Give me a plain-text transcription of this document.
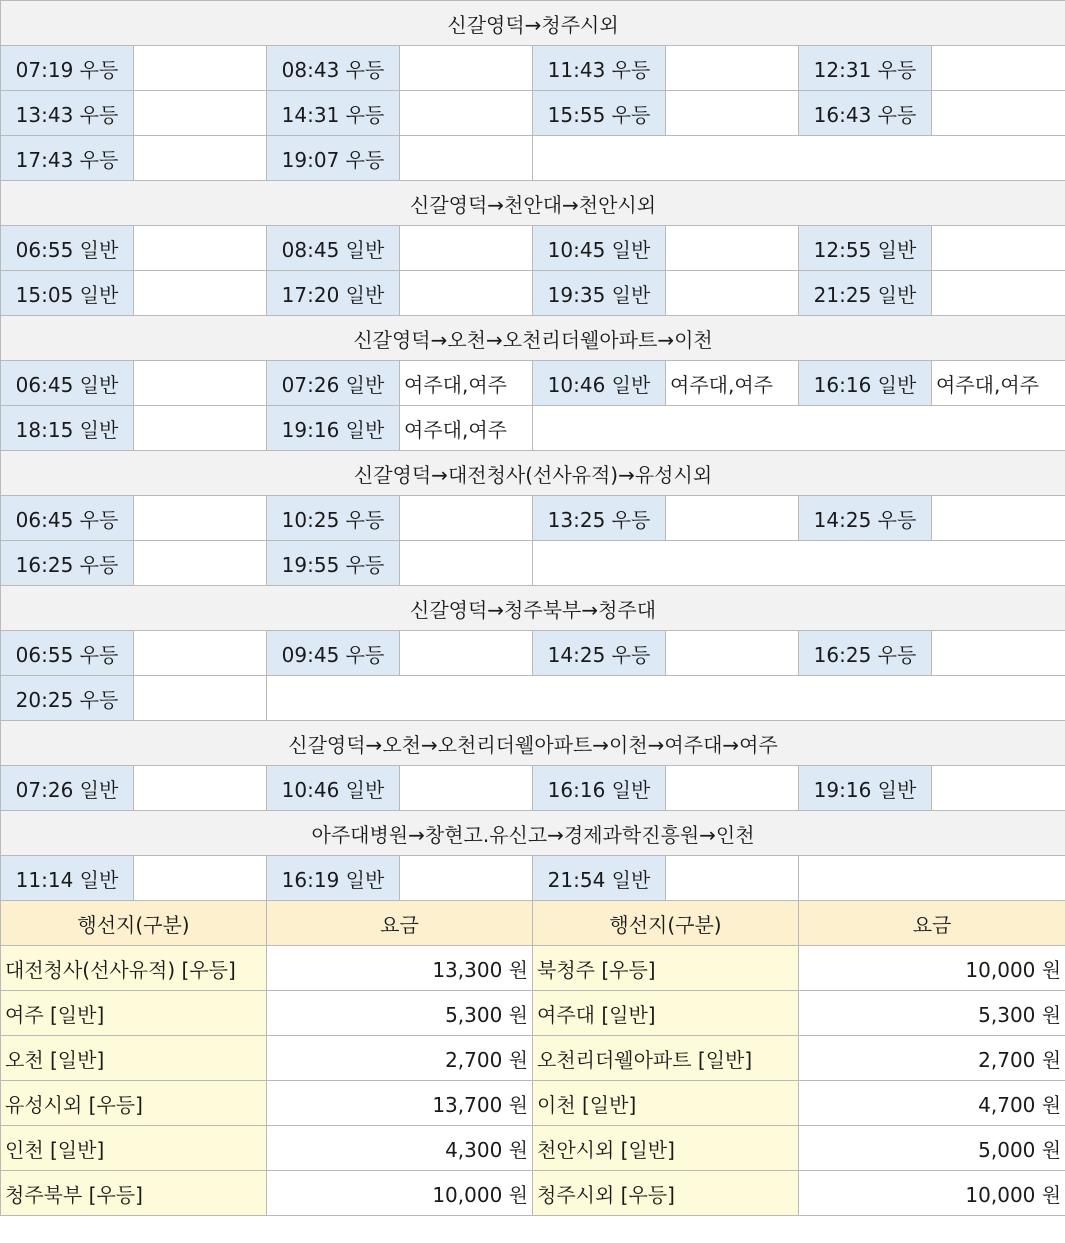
신갈영덕→청주시외							
07:19 우등		08:43 우등		11:43 우등		12:31 우등	
13:43 우등		14:31 우등		15:55 우등		16:43 우등	
17:43 우등		19:07 우등					
신갈영덕→천안대→천안시외							
06:55 일반		08:45 일반		10:45 일반		12:55 일반	
15:05 일반		17:20 일반		19:35 일반		21:25 일반	
신갈영덕→오천→오천리더웰아파트→이천							
06:45 일반		07:26 일반	여주대,여주	10:46 일반	여주대,여주	16:16 일반	여주대,여주
18:15 일반		19:16 일반	여주대,여주				
신갈영덕→대전청사(선사유적)→유성시외							
06:45 우등		10:25 우등		13:25 우등		14:25 우등	
16:25 우등		19:55 우등					
신갈영덕→청주북부→청주대							
06:55 우등		09:45 우등		14:25 우등		16:25 우등	
20:25 우등							
신갈영덕→오천→오천리더웰아파트→이천→여주대→여주							
07:26 일반		10:46 일반		16:16 일반		19:16 일반	
아주대병원→창현고.유신고→경제과학진흥원→인천							
11:14 일반		16:19 일반		21:54 일반			
행선지(구분)		요금		행선지(구분)		요금	
대전청사(선사유적) [우등]		13,300 원		북청주 [우등]		10,000 원	
여주 [일반]		5,300 원		여주대 [일반]		5,300 원	
오천 [일반]		2,700 원		오천리더웰아파트 [일반]		2,700 원	
유성시외 [우등]		13,700 원		이천 [일반]		4,700 원	
인천 [일반]		4,300 원		천안시외 [일반]		5,000 원	
청주북부 [우등]		10,000 원		청주시외 [우등]		10,000 원	
